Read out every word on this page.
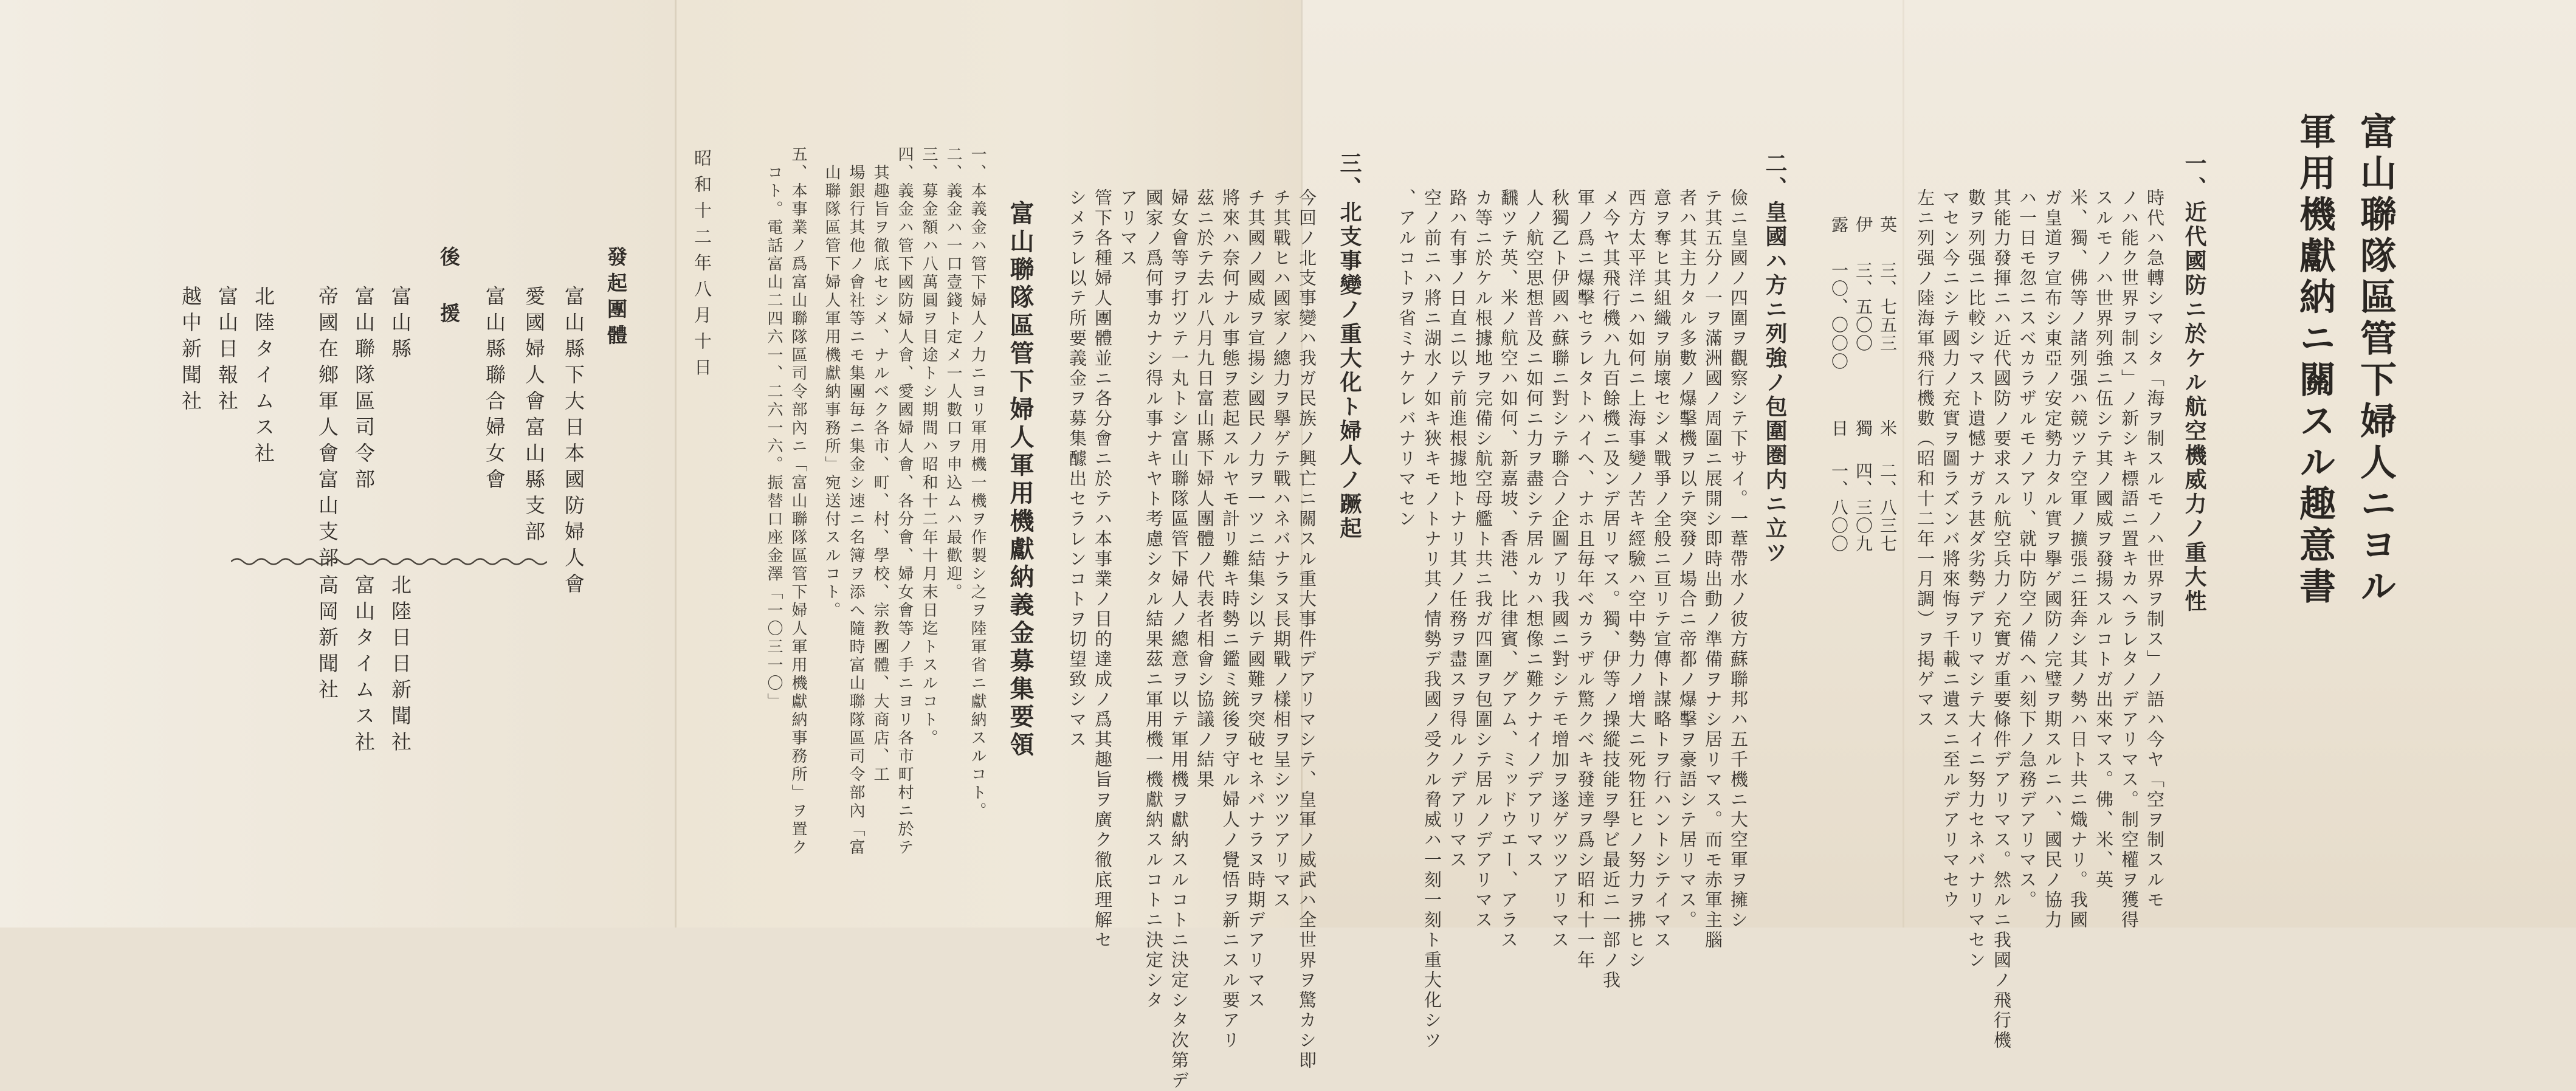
富山聯隊區管下婦人ニヨル
軍用機獻納ニ關スル趣意書
一、近代國防ニ於ケル航空機威力ノ重大性
時代ハ急轉シマシタ「海ヲ制スルモノハ世界ヲ制ス」ノ語ハ今ヤ「空ヲ制スルモ
ノハ能ク世界ヲ制ス」ノ新シキ標語ニ置キカヘラレタノデアリマス。制空權ヲ獲得
スルモノハ世界列強ニ伍シテ其ノ國威ヲ發揚スルコトガ出來マス。佛、米、英
米、獨、佛等ノ諸列强ハ競ツテ空軍ノ擴張ニ狂奔シ其ノ勢ハ日ト共ニ熾ナリ。我國
ガ皇道ヲ宣布シ東亞ノ安定勢力タル實ヲ擧ゲ國防ノ完璧ヲ期スルニハ、國民ノ協力
ハ一日モ忽ニスベカラザルモノアリ、就中防空ノ備ヘハ刻下ノ急務デアリマス。
其能力發揮ニハ近代國防ノ要求スル航空兵力ノ充實ガ重要條件デアリマス。然ルニ我國ノ飛行機
數ヲ列强ニ比較シマスト遺憾ナガラ甚ダ劣勢デアリマシテ大イニ努力セネバナリマセン
マセン今ニシテ國力ノ充實ヲ圖ラズンバ將來悔ヲ千載ニ遺スニ至ルデアリマセウ
左ニ列强ノ陸海軍飛行機數（昭和十二年一月調）ヲ掲ゲマス
英
三、七五三
伊
三、五〇〇
露
一〇、〇〇〇
米
二、八三七
獨
四、三〇九
日
一、八〇〇
二、皇國ハ方ニ列強ノ包圍圏内ニ立ツ
儉ニ皇國ノ四圍ヲ觀察シテ下サイ。一葦帶水ノ彼方蘇聯邦ハ五千機ニ大空軍ヲ擁シ
テ其五分ノ一ヲ滿洲國ノ周圍ニ展開シ即時出動ノ準備ヲナシ居リマス。而モ赤軍主腦
者ハ其主力タル多數ノ爆擊機ヲ以テ突發ノ場合ニ帝都ノ爆擊ヲ豪語シテ居リマス。
意ヲ奪ヒ其組織ヲ崩壞セシメ戰爭ノ全般ニ亘リテ宣傳ト謀略トヲ行ハントシテイマス
西方太平洋ニハ如何ニ上海事變ノ苦キ經驗ハ空中勢力ノ增大ニ死物狂ヒノ努力ヲ拂ヒシ
メ今ヤ其飛行機ハ九百餘機ニ及ンデ居リマス。獨、伊等ノ操縱技能ヲ學ビ最近ニ一部ノ我
軍ノ爲ニ爆擊セラレタトハイヘ、ナホ且毎年ベカラザル驚クベキ發達ヲ爲シ昭和十一年
秋獨乙ト伊國ハ蘇聯ニ對シテ聯合ノ企圖アリ我國ニ對シテモ增加ヲ遂ゲツツアリマス
人ノ航空思想普及ニ如何ニ力ヲ盡シテ居ルカハ想像ニ難クナイノデアリマス
飜ツテ英、米ノ航空ハ如何、新嘉坡、香港、比律賓、グアム、ミッドウエー、アラス
カ等ニ於ケル根據地ヲ完備シ航空母艦ト共ニ我ガ四圍ヲ包圍シテ居ルノデアリマス
路ハ有事ノ日直ニ以テ前進根據地トナリ其ノ任務ヲ盡スヲ得ルノデアリマス
空ノ前ニハ將ニ湖水ノ如キ狹キモノトナリ其ノ情勢デ我國ノ受クル脅威ハ一刻一刻ト重大化シツ
、アルコトヲ省ミナケレバナリマセン
三、北支事變ノ重大化ト婦人ノ蹶起
今回ノ北支事變ハ我ガ民族ノ興亡ニ關スル重大事件デアリマシテ、皇軍ノ威武ハ全世界ヲ驚カシ即
チ其戰ヒハ國家ノ總力ヲ擧ゲテ戰ハネバナラヌ長期戰ノ樣相ヲ呈シツツアリマス
チ其國ノ國威ヲ宣揚シ國民ノ力ヲ一ツニ結集シ以テ國難ヲ突破セネバナラヌ時期デアリマス
將來ハ奈何ナル事態ヲ惹起スルヤモ計リ難キ時勢ニ鑑ミ銃後ヲ守ル婦人ノ覺悟ヲ新ニスル要アリ
茲ニ於テ去ル八月九日富山縣下婦人團體ノ代表者相會シ協議ノ結果
婦女會等ヲ打ツテ一丸トシ富山聯隊區管下婦人ノ總意ヲ以テ軍用機ヲ獻納スルコトニ決定シタ次第デ
國家ノ爲何事カナシ得ル事ナキヤト考慮シタル結果茲ニ軍用機一機獻納スルコトニ決定シタ
アリマス
管下各種婦人團體並ニ各分會ニ於テハ本事業ノ目的達成ノ爲其趣旨ヲ廣ク徹底理解セ
シメラレ以テ所要義金ヲ募集醵出セラレンコトヲ切望致シマス
富山聯隊區管下婦人軍用機獻納義金募集要領
一、本義金ハ管下婦人ノ力ニヨリ軍用機一機ヲ作製シ之ヲ陸軍省ニ獻納スルコト。
二、義金ハ一口壹錢ト定メ一人數口ヲ申込ムハ最歡迎。
三、募金額ハ八萬圓ヲ目途トシ期間ハ昭和十二年十月末日迄トスルコト。
四、義金ハ管下國防婦人會、愛國婦人會、各分會、婦女會等ノ手ニヨリ各市町村ニ於テ
　其趣旨ヲ徹底セシメ、ナルベク各市、町、村、學校、宗教團體、大商店、工
　場銀行其他ノ會社等ニモ集團毎ニ集金シ速ニ名簿ヲ添ヘ隨時富山聯隊區司令部內「富
　山聯隊區管下婦人軍用機獻納事務所」宛送付スルコト。
五、本事業ノ爲富山聯隊區司令部內ニ「富山聯隊區管下婦人軍用機獻納事務所」ヲ置ク
　コト。電話富山二四六一、二六一六。振替口座金澤「一〇三一〇」
昭和十二年八月十日
發起團體
富山縣下大日本國防婦人會
愛國婦人會富山縣支部
富山縣聯合婦女會
後援
富山縣
富山聯隊區司令部
帝國在鄉軍人會富山支部
北陸タイムス社
富山日報社
越中新聞社
北陸日日新聞社
富山タイムス社
高岡新聞社
